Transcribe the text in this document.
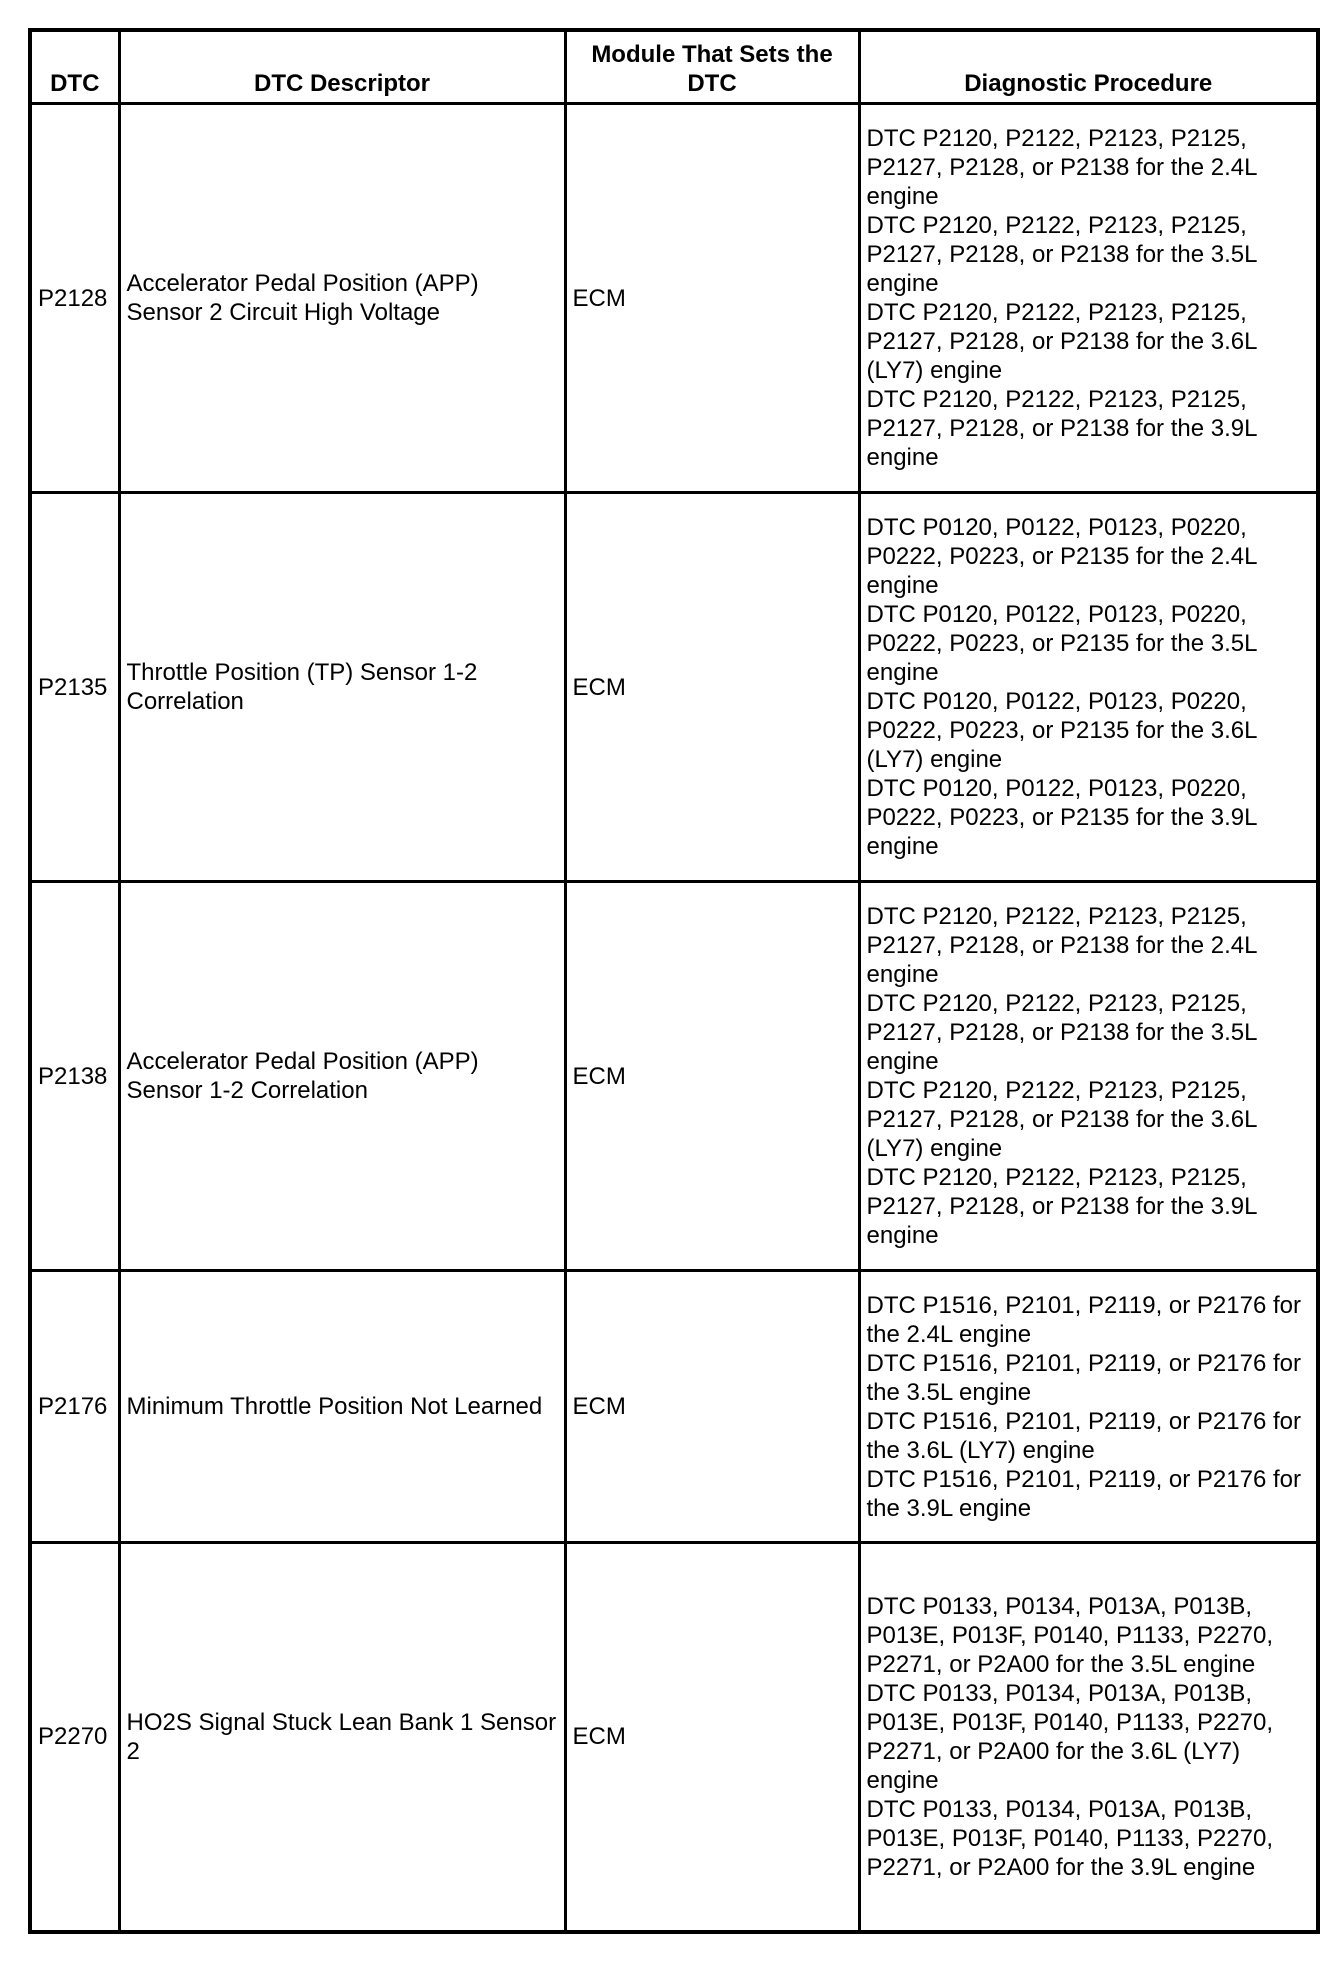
DTC	DTC Descriptor	Module That Sets the DTC	Diagnostic Procedure
P2128	Accelerator Pedal Position (APP) Sensor 2 Circuit High Voltage	ECM	DTC P2120, P2122, P2123, P2125, P2127, P2128, or P2138 for the 2.4L engine
DTC P2120, P2122, P2123, P2125, P2127, P2128, or P2138 for the 3.5L engine
DTC P2120, P2122, P2123, P2125, P2127, P2128, or P2138 for the 3.6L (LY7) engine
DTC P2120, P2122, P2123, P2125, P2127, P2128, or P2138 for the 3.9L engine

P2135	Throttle Position (TP) Sensor 1-2 Correlation	ECM	DTC P0120, P0122, P0123, P0220, P0222, P0223, or P2135 for the 2.4L engine
DTC P0120, P0122, P0123, P0220, P0222, P0223, or P2135 for the 3.5L engine
DTC P0120, P0122, P0123, P0220, P0222, P0223, or P2135 for the 3.6L (LY7) engine
DTC P0120, P0122, P0123, P0220, P0222, P0223, or P2135 for the 3.9L engine

P2138	Accelerator Pedal Position (APP) Sensor 1-2 Correlation	ECM	DTC P2120, P2122, P2123, P2125, P2127, P2128, or P2138 for the 2.4L engine
DTC P2120, P2122, P2123, P2125, P2127, P2128, or P2138 for the 3.5L engine
DTC P2120, P2122, P2123, P2125, P2127, P2128, or P2138 for the 3.6L (LY7) engine
DTC P2120, P2122, P2123, P2125, P2127, P2128, or P2138 for the 3.9L engine

P2176	Minimum Throttle Position Not Learned	ECM	DTC P1516, P2101, P2119, or P2176 for the 2.4L engine
DTC P1516, P2101, P2119, or P2176 for the 3.5L engine
DTC P1516, P2101, P2119, or P2176 for the 3.6L (LY7) engine
DTC P1516, P2101, P2119, or P2176 for the 3.9L engine

P2270	HO2S Signal Stuck Lean Bank 1 Sensor 2	ECM	DTC P0133, P0134, P013A, P013B, P013E, P013F, P0140, P1133, P2270, P2271, or P2A00 for the 3.5L engine
DTC P0133, P0134, P013A, P013B, P013E, P013F, P0140, P1133, P2270, P2271, or P2A00 for the 3.6L (LY7) engine
DTC P0133, P0134, P013A, P013B, P013E, P013F, P0140, P1133, P2270, P2271, or P2A00 for the 3.9L engine
